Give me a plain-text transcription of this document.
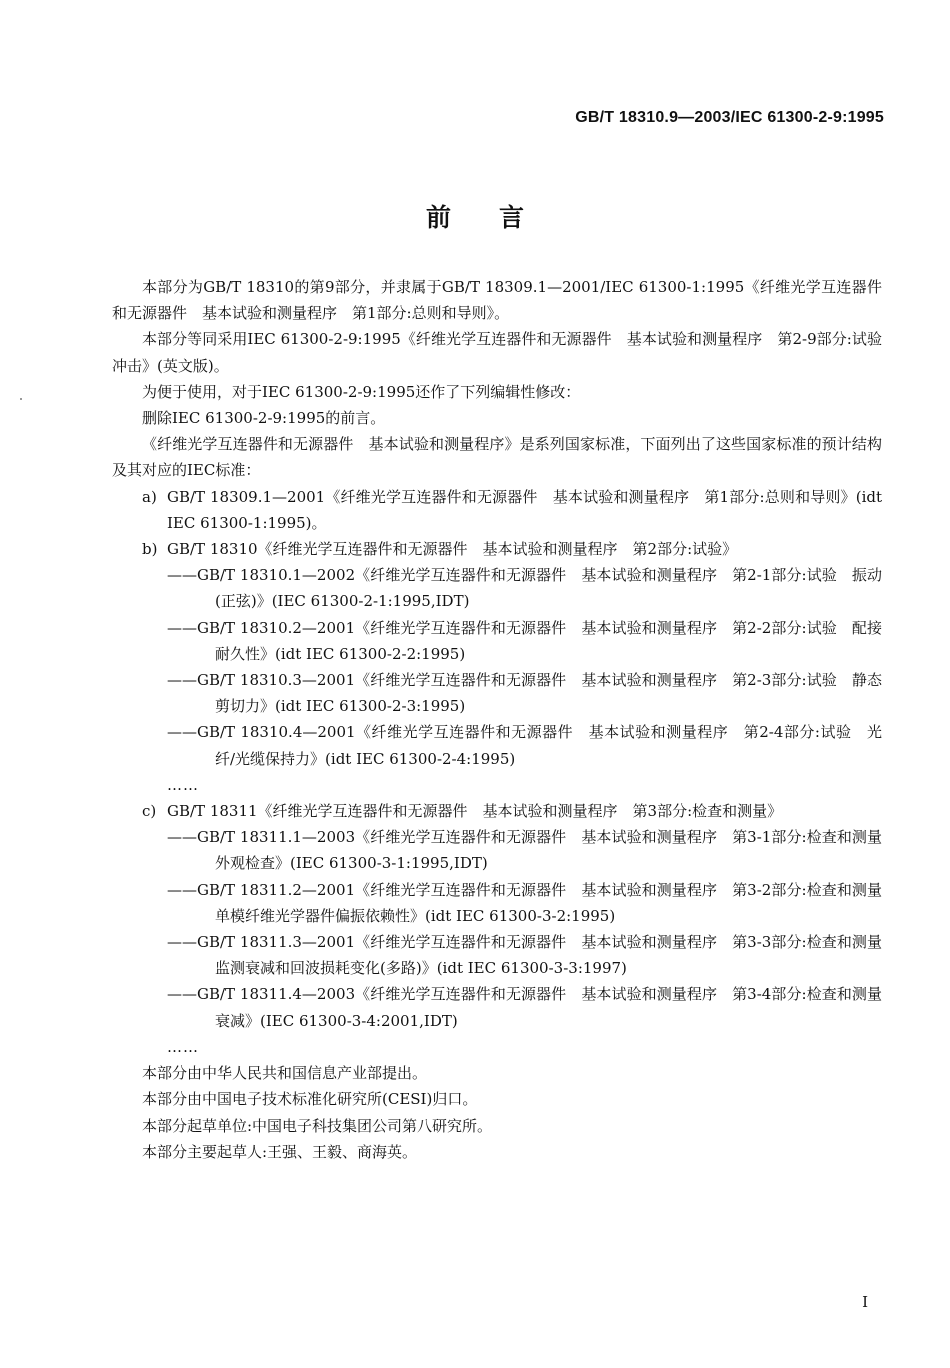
GB/T 18310.9—2003/IEC 61300-2-9:1995
前言

本部分为GB/T 18310的第9部分，并隶属于GB/T 18309.1—2001/IEC 61300-1:1995《纤维光学互连器件和无源器件　基本试验和测量程序　第1部分:总则和导则》。

本部分等同采用IEC 61300-2-9:1995《纤维光学互连器件和无源器件　基本试验和测量程序　第2-9部分:试验　冲击》(英文版)。

为便于使用，对于IEC 61300-2-9:1995还作了下列编辑性修改：

删除IEC 61300-2-9:1995的前言。

《纤维光学互连器件和无源器件　基本试验和测量程序》是系列国家标准，下面列出了这些国家标准的预计结构及其对应的IEC标准：

a) GB/T 18309.1—2001《纤维光学互连器件和无源器件　基本试验和测量程序　第1部分:总则和导则》(idt IEC 61300-1:1995)。
b) GB/T 18310《纤维光学互连器件和无源器件　基本试验和测量程序　第2部分:试验》

——GB/T 18310.1—2002《纤维光学互连器件和无源器件　基本试验和测量程序　第2-1部分:试验　振动(正弦)》(IEC 61300-2-1:1995,IDT)

——GB/T 18310.2—2001《纤维光学互连器件和无源器件　基本试验和测量程序　第2-2部分:试验　配接耐久性》(idt IEC 61300-2-2:1995)

——GB/T 18310.3—2001《纤维光学互连器件和无源器件　基本试验和测量程序　第2-3部分:试验　静态剪切力》(idt IEC 61300-2-3:1995)

——GB/T 18310.4—2001《纤维光学互连器件和无源器件　基本试验和测量程序　第2-4部分:试验　光纤/光缆保持力》(idt IEC 61300-2-4:1995)

……

c) GB/T 18311《纤维光学互连器件和无源器件　基本试验和测量程序　第3部分:检查和测量》

——GB/T 18311.1—2003《纤维光学互连器件和无源器件　基本试验和测量程序　第3-1部分:检查和测量　外观检查》(IEC 61300-3-1:1995,IDT)

——GB/T 18311.2—2001《纤维光学互连器件和无源器件　基本试验和测量程序　第3-2部分:检查和测量　单模纤维光学器件偏振依赖性》(idt IEC 61300-3-2:1995)

——GB/T 18311.3—2001《纤维光学互连器件和无源器件　基本试验和测量程序　第3-3部分:检查和测量　监测衰减和回波损耗变化(多路)》(idt IEC 61300-3-3:1997)

——GB/T 18311.4—2003《纤维光学互连器件和无源器件　基本试验和测量程序　第3-4部分:检查和测量　衰减》(IEC 61300-3-4:2001,IDT)

……

本部分由中华人民共和国信息产业部提出。

本部分由中国电子技术标准化研究所(CESI)归口。

本部分起草单位:中国电子科技集团公司第八研究所。

本部分主要起草人:王强、王毅、商海英。

I
